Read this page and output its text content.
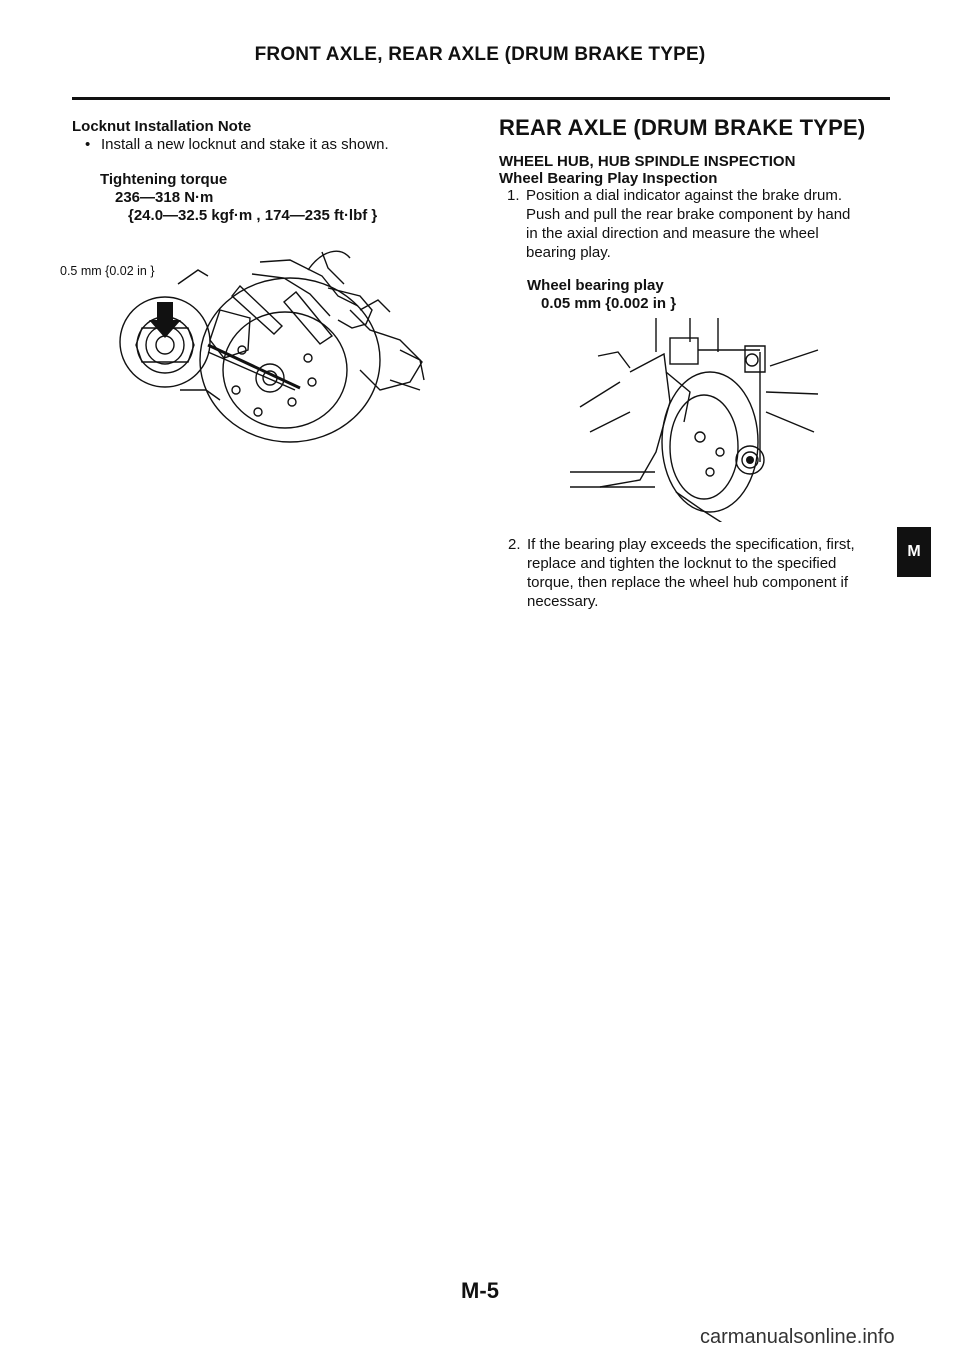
FRONT AXLE, REAR AXLE (DRUM BRAKE TYPE)
Locknut Installation Note
• Install a new locknut and stake it as shown.
Tightening torque
236—318 N·m
{24.0—32.5 kgf·m , 174—235 ft·lbf }
0.5 mm {0.02 in }
REAR AXLE (DRUM BRAKE TYPE)
WHEEL HUB, HUB SPINDLE INSPECTION
Wheel Bearing Play Inspection
1. Position a dial indicator against the brake drum.
Push and pull the rear brake component by hand
in the axial direction and measure the wheel
bearing play.
Wheel bearing play
0.05 mm {0.002 in }
2. If the bearing play exceeds the specification, first,
replace and tighten the locknut to the specified
torque, then replace the wheel hub component if
necessary.
M
M-5
carmanualsonline.info
